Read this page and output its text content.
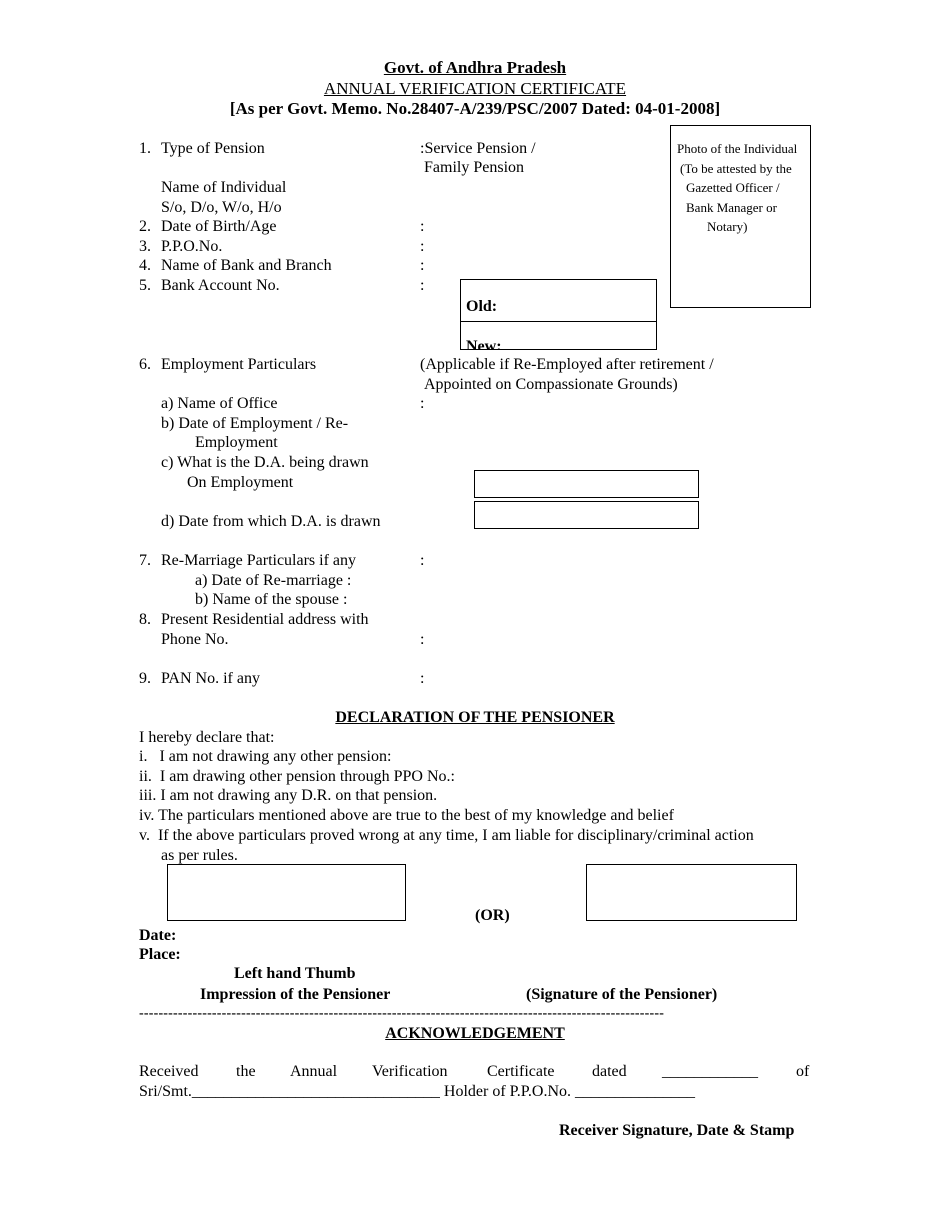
Govt. of Andhra Pradesh
ANNUAL VERIFICATION CERTIFICATE
[As per Govt. Memo. No.28407-A/239/PSC/2007 Dated: 04-01-2008]
Photo of the Individual
(To be attested by the
Gazetted Officer /
Bank Manager or
Notary)
1. Type of Pension	:Service Pension /
Family Pension
Name of Individual
S/o, D/o, W/o, H/o
2. Date of Birth/Age	:
3. P.P.O.No.	:
4. Name of Bank and Branch	:
5. Bank Account No.	:
Old:
New:
6. Employment Particulars	(Applicable if Re-Employed after retirement /
Appointed on Compassionate Grounds)
a) Name of Office	:
b) Date of Employment / Re-
Employment
c) What is the D.A. being drawn
On Employment
d) Date from which D.A. is drawn
7. Re-Marriage Particulars if any	:
a) Date of Re-marriage :
b) Name of the spouse :
8. Present Residential address with
Phone No.	:
9. PAN No. if any	:
DECLARATION OF THE PENSIONER
I hereby declare that:
i.   I am not drawing any other pension:
ii.  I am drawing other pension through PPO No.:
iii. I am not drawing any D.R. on that pension.
iv. The particulars mentioned above are true to the best of my knowledge and belief
v.  If the above particulars proved wrong at any time, I am liable for disciplinary/criminal action
as per rules.
(OR)
Date:
Place:
Left hand Thumb
Impression of the Pensioner	(Signature of the Pensioner)
------------------------------------------------------------------------------------------------------------
ACKNOWLEDGEMENT
Received the Annual Verification Certificate dated ____________ of
Sri/Smt._______________________________ Holder of P.P.O.No. _______________
Receiver Signature, Date & Stamp
